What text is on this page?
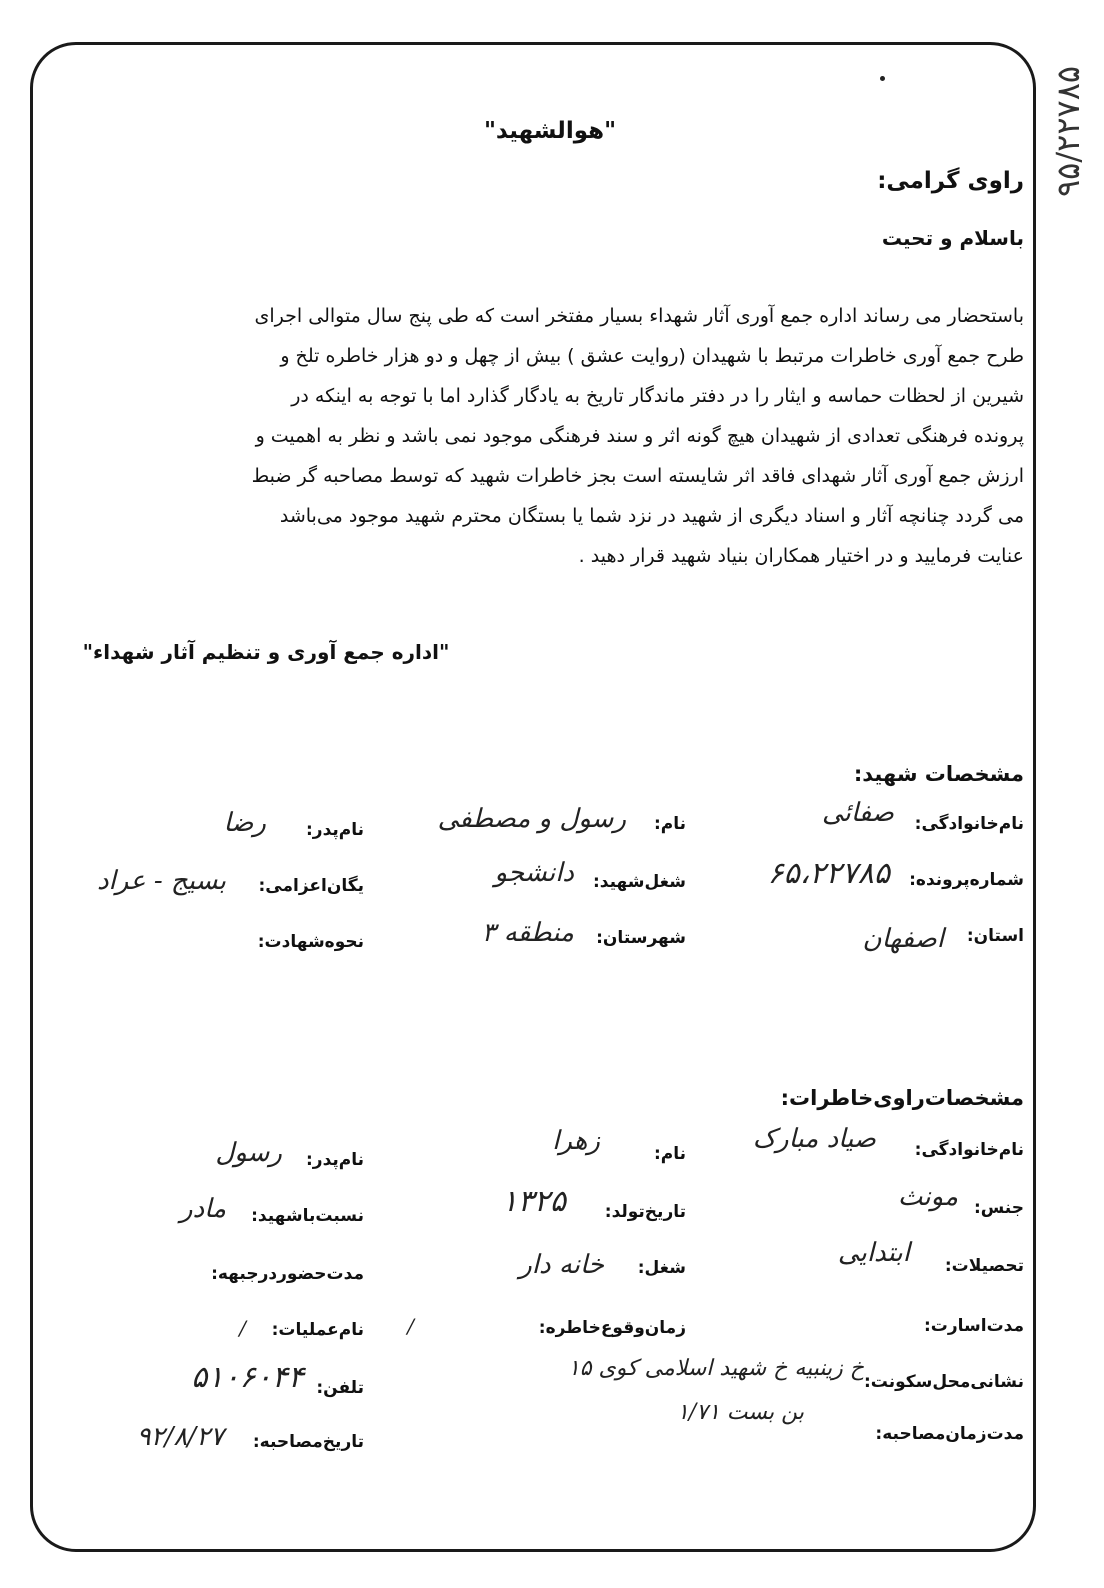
۹۵/۲۲۷۸۵
"هوالشهید"
راوی گرامی:
باسلام و تحیت

باستحضار می رساند اداره جمع آوری آثار شهداء بسیار مفتخر است که طی پنج سال متوالی اجرای

طرح جمع آوری خاطرات مرتبط با شهیدان (روایت عشق ) بیش از چهل و دو هزار خاطره تلخ و

شیرین از لحظات حماسه و ایثار را در دفتر ماندگار تاریخ به یادگار گذارد اما با توجه به اینکه در

پرونده فرهنگی تعدادی از شهیدان هیچ گونه اثر و سند فرهنگی موجود نمی باشد و نظر به اهمیت و

ارزش جمع آوری آثار شهدای فاقد اثر شایسته است بجز خاطرات شهید که توسط مصاحبه گر ضبط

می گردد چنانچه آثار و اسناد دیگری از شهید در نزد شما یا بستگان محترم شهید موجود می‌باشد

عنایت فرمایید و در اختیار همکاران بنیاد شهید قرار دهید .

"اداره جمع آوری و تنظیم آثار شهداء"
مشخصات شهید:
نام‌خانوادگی:
صفائی
نام:
رسول و مصطفی
نام‌پدر:
رضا
شماره‌پرونده:
۶۵،۲۲۷۸۵
شغل‌شهید:
دانشجو
یگان‌اعزامی:
بسیج - عراد
استان:
اصفهان
شهرستان:
منطقه ۳
نحوه‌شهادت:
مشخصات‌راوی‌خاطرات:
نام‌خانوادگی:
صیاد مبارک
نام:
زهرا
نام‌پدر:
رسول
جنس:
مونث
تاریخ‌تولد:
۱۳۲۵
نسبت‌باشهید:
مادر
تحصیلات:
ابتدایی
شغل:
خانه دار
مدت‌حضوردرجبهه:
مدت‌اسارت:
زمان‌وقوع‌خاطره:
/
نام‌عملیات:
/
نشانی‌محل‌سکونت:
خ زینبیه خ شهید اسلامی کوی ۱۵
بن بست ۱/۷۱
تلفن:
۵۱۰۶۰۴۴
مدت‌زمان‌مصاحبه:
تاریخ‌مصاحبه:
۹۲/۸/۲۷
